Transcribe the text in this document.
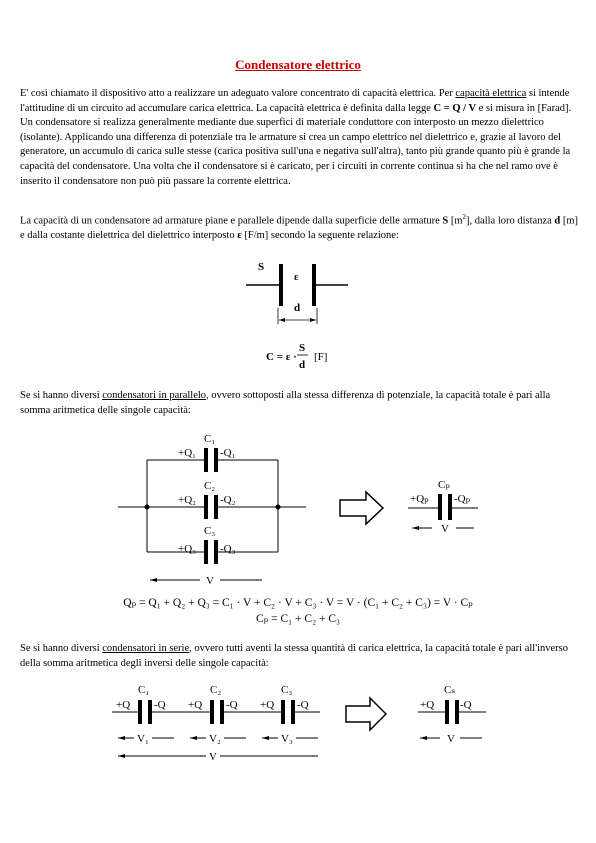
Condensatore elettrico
E' così chiamato il dispositivo atto a realizzare un adeguato valore concentrato di capacità elettrica. Per capacità elettrica si intende l'attitudine di un circuito ad accumulare carica elettrica. La capacità elettrica è definita dalla legge C = Q / V e si misura in [Farad]. Un condensatore si realizza generalmente mediante due superfici di materiale conduttore con interposto un mezzo dielettrico (isolante). Applicando una differenza di potenziale tra le armature si crea un campo elettrico nel dielettrico e, grazie al lavoro del generatore, un accumulo di carica sulle stesse (carica positiva sull'una e negativa sull'altra), tanto più grande quanto più è grande la capacità del condensatore. Una volta che il condensatore si è caricato, per i circuiti in corrente continua si ha che nel ramo ove è inserito il condensatore non può più passare la corrente elettrica.
La capacità di un condensatore ad armature piane e parallele dipende dalla superficie delle armature S $[m^2]$, dalla loro distanza d [m] e dalla costante dielettrica del dielettrico interposto ε [F/m] secondo la seguente relazione:
S
ε
d
C = ε ·
S
d
[F]
Se si hanno diversi condensatori in parallelo, ovvero sottoposti alla stessa differenza di potenziale, la capacità totale è pari alla somma aritmetica delle singole capacità:
C₁
+Q₁ -Q₁
C₂
+Q₂ -Q₂
C₃
+Q₃ -Q₃
V
Cₚ
+Qₚ -Qₚ
V
Qₚ = Q₁ + Q₂ + Q₃ = C₁ · V + C₂ · V + C₃ · V = V · (C₁ + C₂ + C₃) = V · Cₚ
Cₚ = C₁ + C₂ + C₃
Se si hanno diversi condensatori in serie, ovvero tutti aventi la stessa quantità di carica elettrica, la capacità totale è pari all'inverso della somma aritmetica degli inversi delle singole capacità:
C₁
+Q -Q
C₂
+Q -Q
C₃
+Q -Q
V₁	V₂	V₃
V
Cₛ
+Q -Q
V
